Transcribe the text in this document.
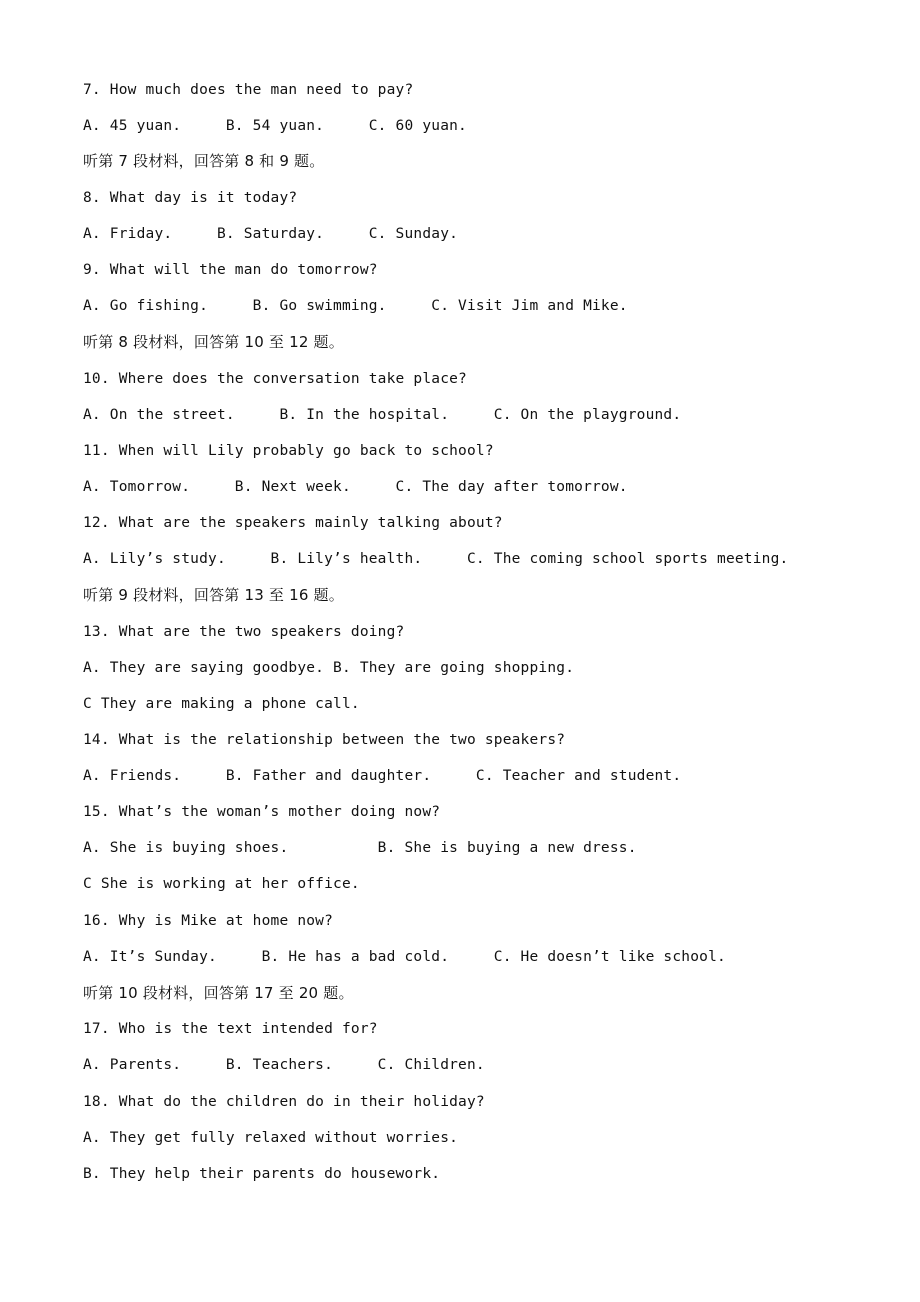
7. How much does the man need to pay?
A. 45 yuan.     B. 54 yuan.     C. 60 yuan.
听第 7 段材料，回答第 8 和 9 题。
8. What day is it today?
A. Friday.     B. Saturday.     C. Sunday.
9. What will the man do tomorrow?
A. Go fishing.     B. Go swimming.     C. Visit Jim and Mike.
听第 8 段材料，回答第 10 至 12 题。
10. Where does the conversation take place?
A. On the street.     B. In the hospital.     C. On the playground.
11. When will Lily probably go back to school?
A. Tomorrow.     B. Next week.     C. The day after tomorrow.
12. What are the speakers mainly talking about?
A. Lily’s study.     B. Lily’s health.     C. The coming school sports meeting.
听第 9 段材料，回答第 13 至 16 题。
13. What are the two speakers doing?
A. They are saying goodbye. B. They are going shopping.
C They are making a phone call.
14. What is the relationship between the two speakers?
A. Friends.     B. Father and daughter.     C. Teacher and student.
15. What’s the woman’s mother doing now?
A. She is buying shoes.          B. She is buying a new dress.
C She is working at her office.
16. Why is Mike at home now?
A. It’s Sunday.     B. He has a bad cold.     C. He doesn’t like school.
听第 10 段材料，回答第 17 至 20 题。
17. Who is the text intended for?
A. Parents.     B. Teachers.     C. Children.
18. What do the children do in their holiday?
A. They get fully relaxed without worries.
B. They help their parents do housework.
